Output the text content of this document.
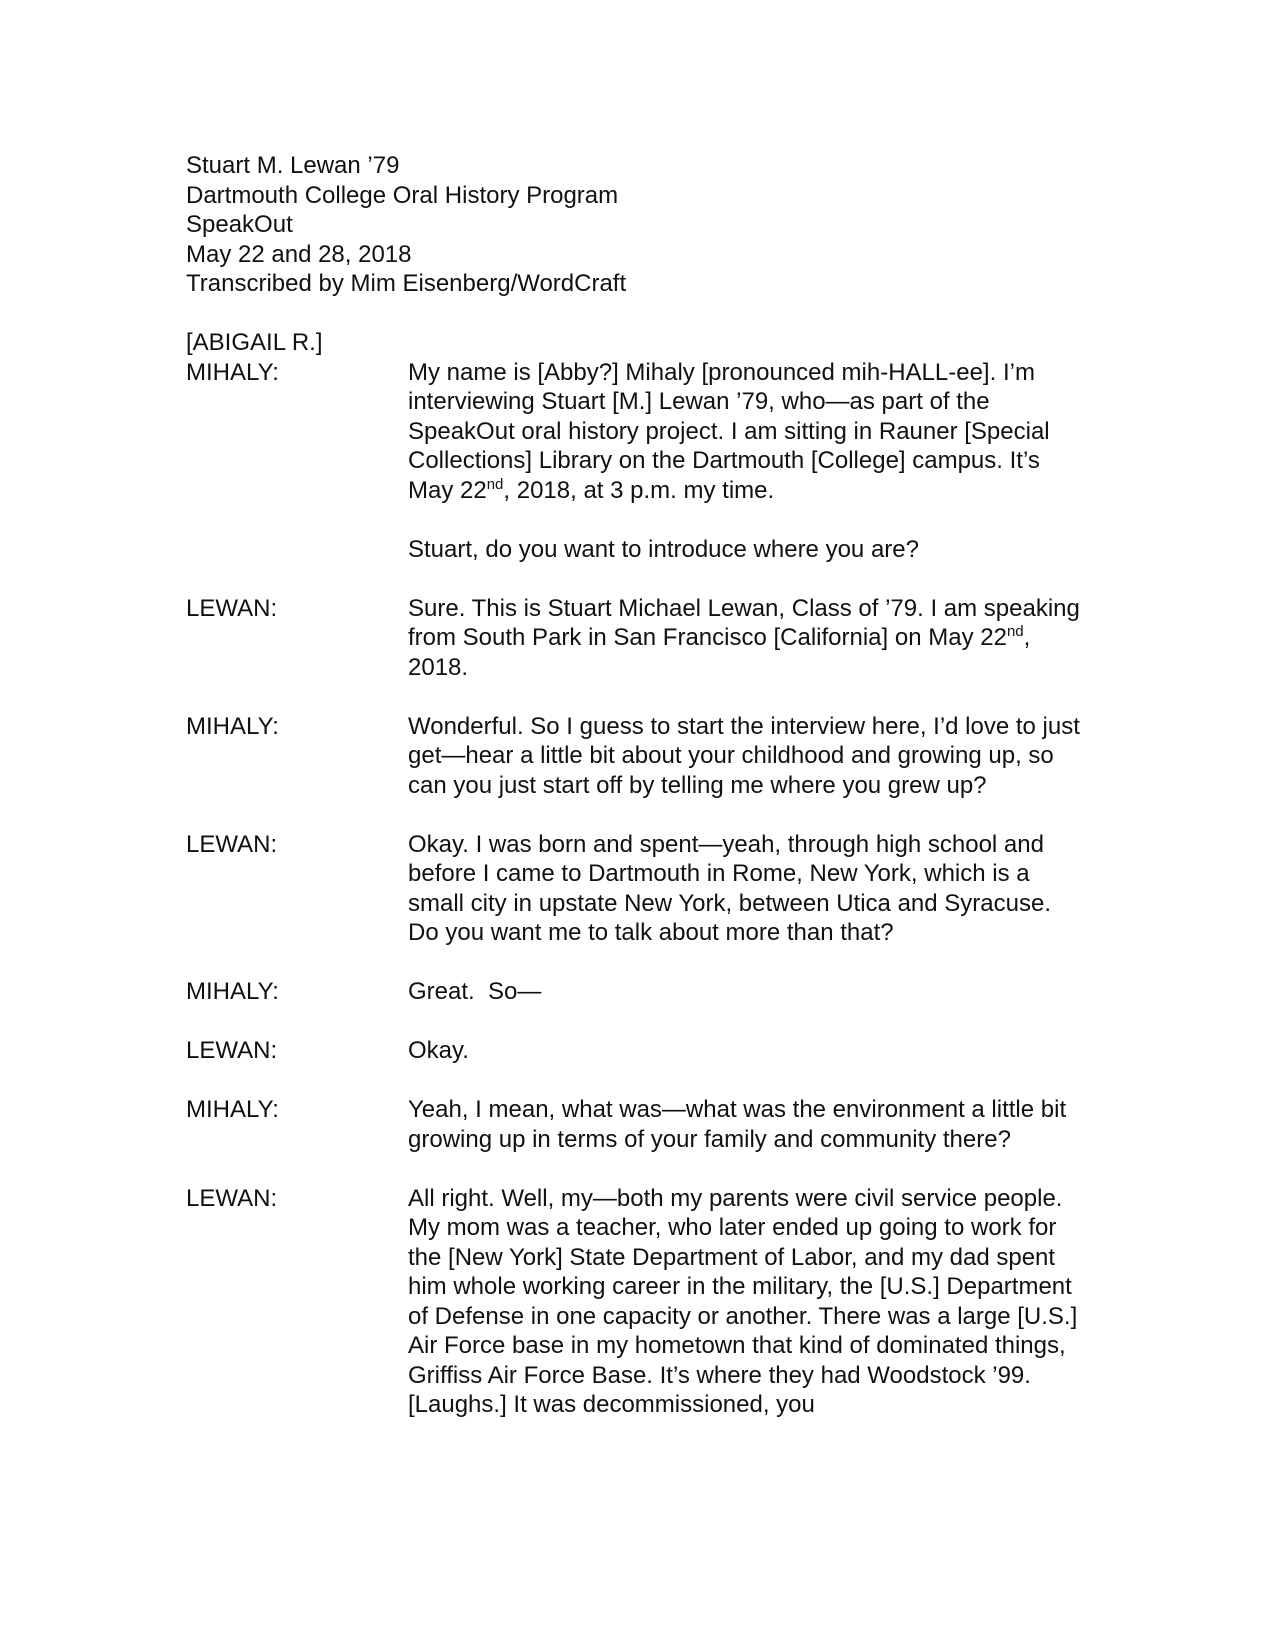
Stuart M. Lewan ’79
Dartmouth College Oral History Program
SpeakOut
May 22 and 28, 2018
Transcribed by Mim Eisenberg/WordCraft
[ABIGAIL R.]
MIHALY:	My name is [Abby?] Mihaly [pronounced mih-HALL-ee]. I’m interviewing Stuart [M.] Lewan ’79, who—as part of the SpeakOut oral history project. I am sitting in Rauner [Special Collections] Library on the Dartmouth [College] campus. It’s May 22nd, 2018, at 3 p.m. my time.

Stuart, do you want to introduce where you are?

LEWAN:	Sure. This is Stuart Michael Lewan, Class of ’79. I am speaking from South Park in San Francisco [California] on May 22nd, 2018.
MIHALY:	Wonderful. So I guess to start the interview here, I’d love to just get—hear a little bit about your childhood and growing up, so can you just start off by telling me where you grew up?
LEWAN:	Okay. I was born and spent—yeah, through high school and before I came to Dartmouth in Rome, New York, which is a small city in upstate New York, between Utica and Syracuse. Do you want me to talk about more than that?
MIHALY:	Great.  So—
LEWAN:	Okay.
MIHALY:	Yeah, I mean, what was—what was the environment a little bit growing up in terms of your family and community there?
LEWAN:	All right. Well, my—both my parents were civil service people. My mom was a teacher, who later ended up going to work for the [New York] State Department of Labor, and my dad spent him whole working career in the military, the [U.S.] Department of Defense in one capacity or another. There was a large [U.S.] Air Force base in my hometown that kind of dominated things, Griffiss Air Force Base. It’s where they had Woodstock ’99. [Laughs.] It was decommissioned, you
